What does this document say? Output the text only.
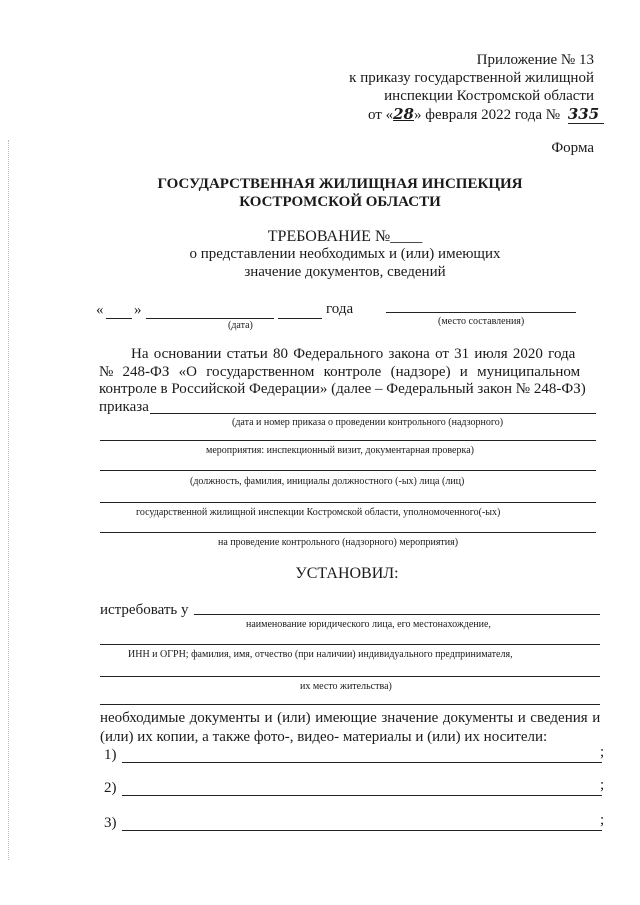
Приложение № 13
к приказу государственной жилищной
инспекции Костромской области
от «28» февраля 2022 года № 335
Форма
ГОСУДАРСТВЕННАЯ ЖИЛИЩНАЯ ИНСПЕКЦИЯ
КОСТРОМСКОЙ ОБЛАСТИ
ТРЕБОВАНИЕ №____
о представлении необходимых и (или) имеющих
значение документов, сведений
« »	года
(дата)	(место составления)
На основании статьи 80 Федерального закона от 31 июля 2020 года
№ 248-ФЗ «О государственном контроле (надзоре) и муниципальном
контроле в Российской Федерации» (далее – Федеральный закон № 248-ФЗ)
приказа
(дата и номер приказа о проведении контрольного (надзорного)
мероприятия: инспекционный визит, документарная проверка)
(должность, фамилия, инициалы должностного (-ых) лица (лиц)
государственной жилищной инспекции Костромской области, уполномоченного(-ых)
на проведение контрольного (надзорного) мероприятия)
УСТАНОВИЛ:
истребовать у
наименование юридического лица, его местонахождение,
ИНН и ОГРН; фамилия, имя, отчество (при наличии) индивидуального предпринимателя,
их место жительства)
необходимые документы и (или) имеющие значение документы и сведения и
(или) их копии, а также фото-, видео- материалы и (или) их носители:
1)	;
2)	;
3)	;
